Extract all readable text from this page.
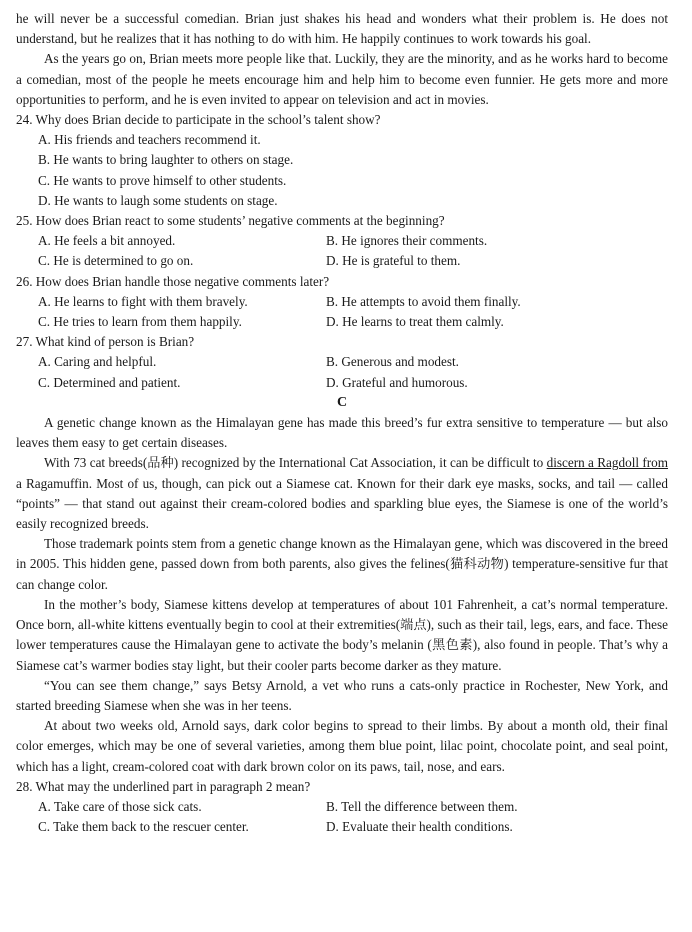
he will never be a successful comedian. Brian just shakes his head and wonders what their problem is. He does not understand, but he realizes that it has nothing to do with him. He happily continues to work towards his goal.

As the years go on, Brian meets more people like that. Luckily, they are the minority, and as he works hard to become a comedian, most of the people he meets encourage him and help him to become even funnier. He gets more and more opportunities to perform, and he is even invited to appear on television and act in movies.

24. Why does Brian decide to participate in the school’s talent show?

A. His friends and teachers recommend it.
B. He wants to bring laughter to others on stage.
C. He wants to prove himself to other students.
D. He wants to laugh some students on stage.

25. How does Brian react to some students’ negative comments at the beginning?

A. He feels a bit annoyed.	B. He ignores their comments.
C. He is determined to go on.	D. He is grateful to them.

26. How does Brian handle those negative comments later?

A. He learns to fight with them bravely.	B. He attempts to avoid them finally.
C. He tries to learn from them happily.	D. He learns to treat them calmly.

27. What kind of person is Brian?

A. Caring and helpful.	B. Generous and modest.
C. Determined and patient.	D. Grateful and humorous.

C

A genetic change known as the Himalayan gene has made this breed’s fur extra sensitive to temperature — but also leaves them easy to get certain diseases.

With 73 cat breeds(品种) recognized by the International Cat Association, it can be difficult to discern a Ragdoll from a Ragamuffin. Most of us, though, can pick out a Siamese cat. Known for their dark eye masks, socks, and tail — called “points” — that stand out against their cream-colored bodies and sparkling blue eyes, the Siamese is one of the world’s easily recognized breeds.

Those trademark points stem from a genetic change known as the Himalayan gene, which was discovered in the breed in 2005. This hidden gene, passed down from both parents, also gives the felines(猫科动物) temperature-sensitive fur that can change color.

In the mother’s body, Siamese kittens develop at temperatures of about 101 Fahrenheit, a cat’s normal temperature. Once born, all-white kittens eventually begin to cool at their extremities(端点), such as their tail, legs, ears, and face. These lower temperatures cause the Himalayan gene to activate the body’s melanin (黑色素), also found in people. That’s why a Siamese cat’s warmer bodies stay light, but their cooler parts become darker as they mature.

“You can see them change,” says Betsy Arnold, a vet who runs a cats-only practice in Rochester, New York, and started breeding Siamese when she was in her teens.

At about two weeks old, Arnold says, dark color begins to spread to their limbs. By about a month old, their final color emerges, which may be one of several varieties, among them blue point, lilac point, chocolate point, and seal point, which has a light, cream-colored coat with dark brown color on its paws, tail, nose, and ears.

28. What may the underlined part in paragraph 2 mean?

A. Take care of those sick cats.	B. Tell the difference between them.
C. Take them back to the rescuer center.	D. Evaluate their health conditions.
